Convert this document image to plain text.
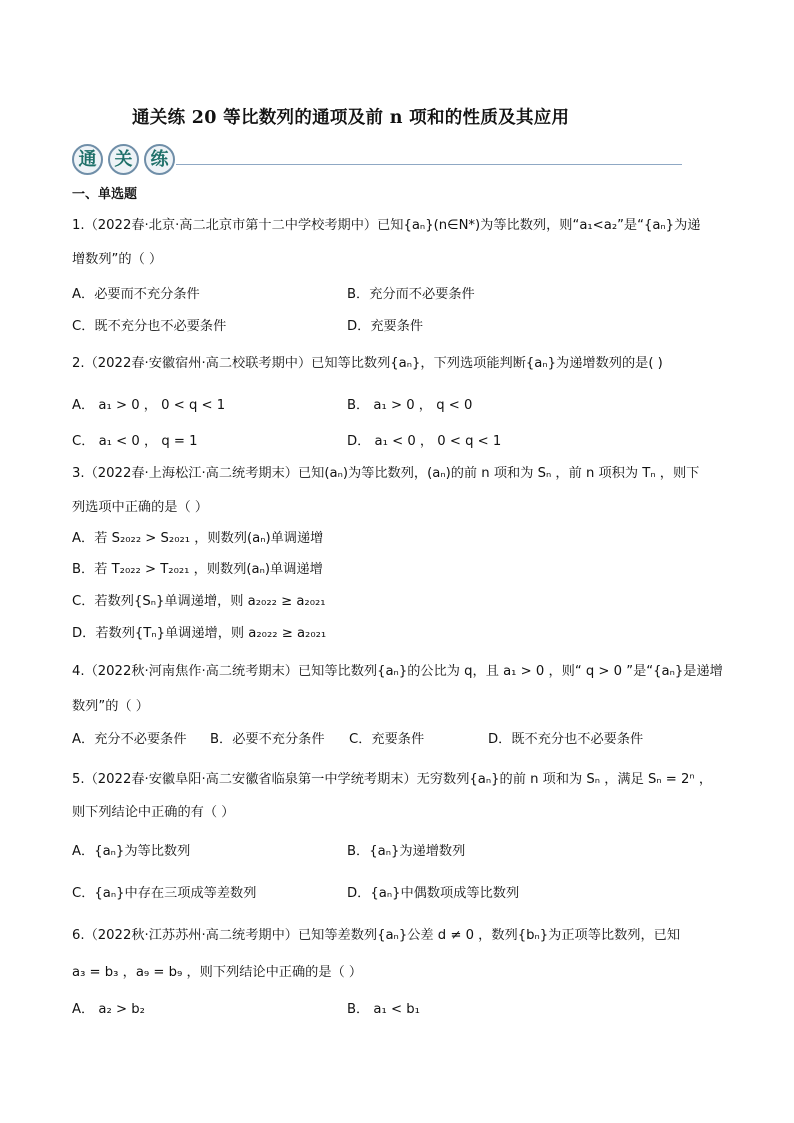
通关练 20 等比数列的通项及前 n 项和的性质及其应用
通	关	练
一、单选题
1.（2022春·北京·高二北京市第十二中学校考期中）已知{aₙ}(n∈N*)为等比数列，则“a₁<a₂”是“{aₙ}为递
增数列”的（ ）
A．必要而不充分条件	B．充分而不必要条件
C．既不充分也不必要条件	D．充要条件
2.（2022春·安徽宿州·高二校联考期中）已知等比数列{aₙ}，下列选项能判断{aₙ}为递增数列的是( )
A． a₁ > 0 ， 0 < q < 1	B． a₁ > 0 ， q < 0
C． a₁ < 0 ， q = 1	D． a₁ < 0 ， 0 < q < 1
3.（2022春·上海松江·高二统考期末）已知(aₙ)为等比数列，(aₙ)的前 n 项和为 Sₙ ，前 n 项积为 Tₙ ，则下
列选项中正确的是（ ）
A．若 S₂₀₂₂ > S₂₀₂₁ ，则数列(aₙ)单调递增
B．若 T₂₀₂₂ > T₂₀₂₁ ，则数列(aₙ)单调递增
C．若数列{Sₙ}单调递增，则 a₂₀₂₂ ≥ a₂₀₂₁
D．若数列{Tₙ}单调递增，则 a₂₀₂₂ ≥ a₂₀₂₁
4.（2022秋·河南焦作·高二统考期末）已知等比数列{aₙ}的公比为 q，且 a₁ > 0 ，则“ q > 0 ”是“{aₙ}是递增
数列”的（ ）
A．充分不必要条件 B．必要不充分条件 C．充要条件	D．既不充分也不必要条件
5.（2022春·安徽阜阳·高二安徽省临泉第一中学统考期末）无穷数列{aₙ}的前 n 项和为 Sₙ ，满足 Sₙ = 2ⁿ ，
则下列结论中正确的有（ ）
A．{aₙ}为等比数列	B．{aₙ}为递增数列
C．{aₙ}中存在三项成等差数列	D．{aₙ}中偶数项成等比数列
6.（2022秋·江苏苏州·高二统考期中）已知等差数列{aₙ}公差 d ≠ 0 ，数列{bₙ}为正项等比数列，已知
a₃ = b₃ ，a₉ = b₉ ，则下列结论中正确的是（ ）
A． a₂ > b₂	B． a₁ < b₁
